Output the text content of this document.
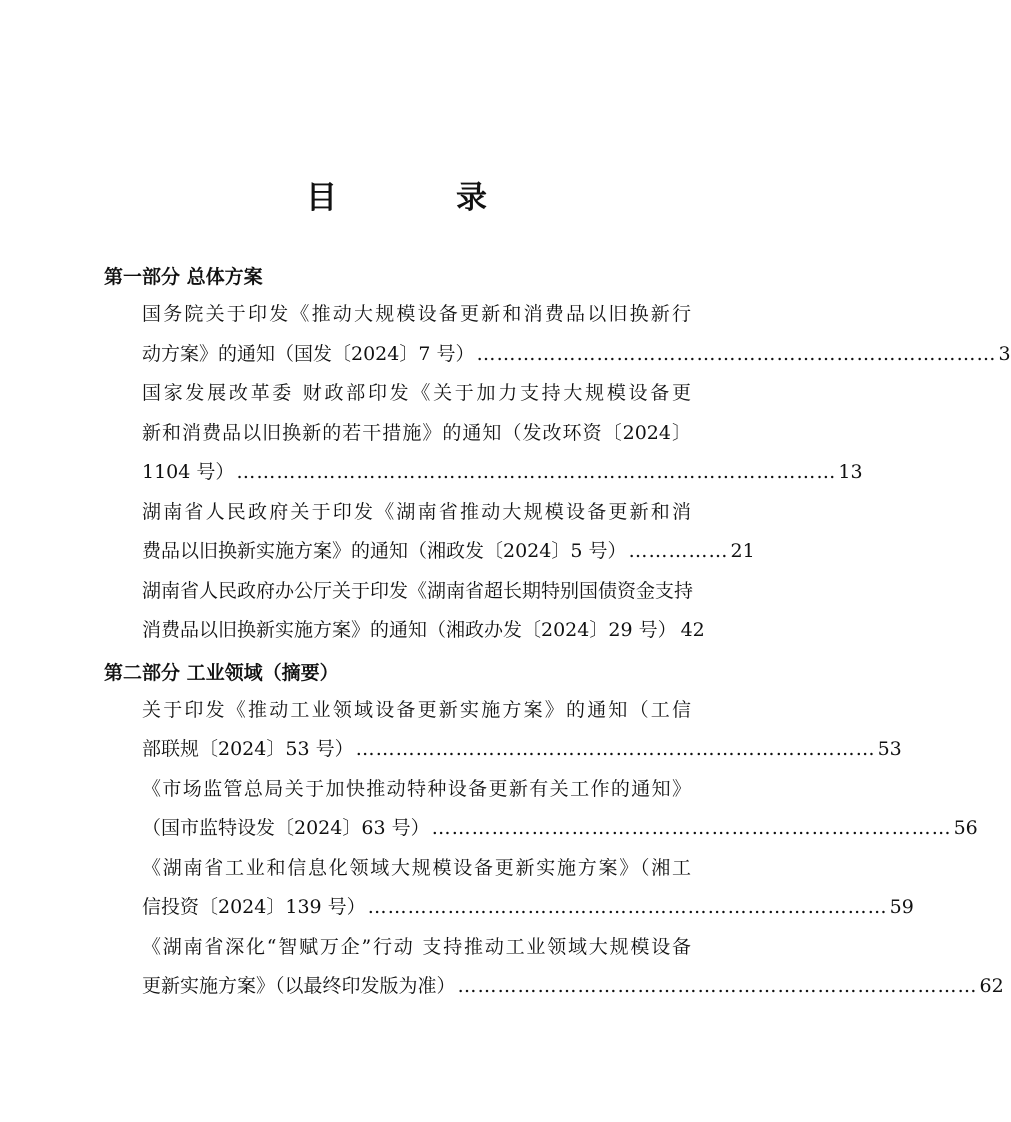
目　录
第一部分 总体方案
国务院关于印发《推动大规模设备更新和消费品以旧换新行
动方案》的通知（国发〔2024〕7 号） …………………………………………………………………… 3
国家发展改革委 财政部印发《关于加力支持大规模设备更
新和消费品以旧换新的若干措施》的通知（发改环资〔2024〕
1104 号） ……………………………………………………………………………… 13
湖南省人民政府关于印发《湖南省推动大规模设备更新和消
费品以旧换新实施方案》的通知（湘政发〔2024〕5 号） …………… 21
湖南省人民政府办公厅关于印发《湖南省超长期特别国债资金支持
消费品以旧换新实施方案》的通知（湘政办发〔2024〕29 号） 42
第二部分 工业领域（摘要）
关于印发《推动工业领域设备更新实施方案》的通知（工信
部联规〔2024〕53 号） …………………………………………………………………… 53
《市场监管总局关于加快推动特种设备更新有关工作的通知》
（国市监特设发〔2024〕63 号） …………………………………………………………………… 56
《湖南省工业和信息化领域大规模设备更新实施方案》（湘工
信投资〔2024〕139 号） …………………………………………………………………… 59
《湖南省深化“智赋万企”行动 支持推动工业领域大规模设备
更新实施方案》（以最终印发版为准） …………………………………………………………………… 62
